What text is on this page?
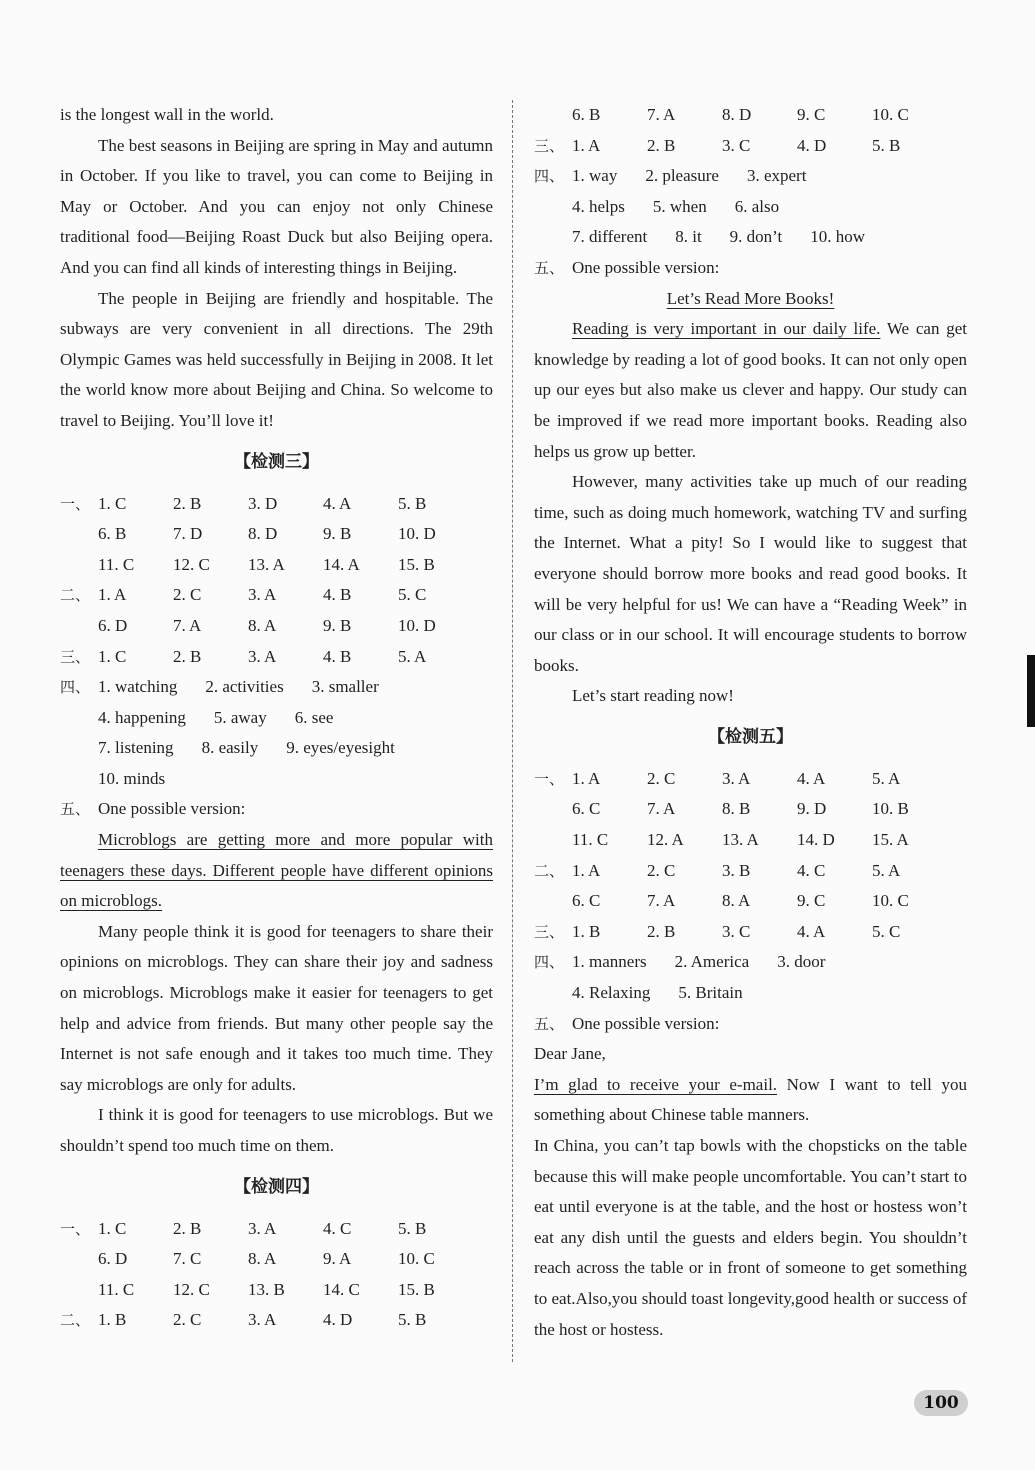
is the longest wall in the world.

The best seasons in Beijing are spring in May and autumn in October. If you like to travel, you can come to Beijing in May or October. And you can enjoy not only Chinese traditional food—Beijing Roast Duck but also Beijing opera. And you can find all kinds of interesting things in Beijing.

The people in Beijing are friendly and hospitable. The subways are very convenient in all directions. The 29th Olympic Games was held successfully in Beijing in 2008. It let the world know more about Beijing and China. So welcome to travel to Beijing. You’ll love it!

【检测三】
一、 1. C	2. B	3. D	4. A	5. B
6. B	7. D	8. D	9. B	10. D
11. C	12. C	13. A	14. A	15. B
二、 1. A	2. C	3. A	4. B	5. C
6. D	7. A	8. A	9. B	10. D
三、 1. C	2. B	3. A	4. B	5. A
四、 1. watching 2. activities 3. smaller
4. happening 5. away 6. see
7. listening 8. easily 9. eyes/eyesight
10. minds
五、 One possible version:

Microblogs are getting more and more popular with teenagers these days. Different people have different opinions on microblogs.

Many people think it is good for teenagers to share their opinions on microblogs. They can share their joy and sadness on microblogs. Microblogs make it easier for teenagers to get help and advice from friends. But many other people say the Internet is not safe enough and it takes too much time. They say microblogs are only for adults.

I think it is good for teenagers to use microblogs. But we shouldn’t spend too much time on them.

【检测四】
一、 1. C	2. B	3. A	4. C	5. B
6. D	7. C	8. A	9. A	10. C
11. C	12. C	13. B	14. C	15. B
二、 1. B	2. C	3. A	4. D	5. B
6. B	7. A	8. D	9. C	10. C
三、 1. A	2. B	3. C	4. D	5. B
四、 1. way 2. pleasure 3. expert
4. helps 5. when 6. also
7. different 8. it 9. don’t 10. how
五、 One possible version:

Let’s Read More Books!

Reading is very important in our daily life. We can get knowledge by reading a lot of good books. It can not only open up our eyes but also make us clever and happy. Our study can be improved if we read more important books. Reading also helps us grow up better.

However, many activities take up much of our reading time, such as doing much homework, watching TV and surfing the Internet. What a pity! So I would like to suggest that everyone should borrow more books and read good books. It will be very helpful for us! We can have a “Reading Week” in our class or in our school. It will encourage students to borrow books.

Let’s start reading now!

【检测五】
一、 1. A	2. C	3. A	4. A	5. A
6. C	7. A	8. B	9. D	10. B
11. C	12. A	13. A	14. D	15. A
二、 1. A	2. C	3. B	4. C	5. A
6. C	7. A	8. A	9. C	10. C
三、 1. B	2. B	3. C	4. A	5. C
四、 1. manners 2. America 3. door
4. Relaxing 5. Britain
五、 One possible version:

Dear Jane,

I’m glad to receive your e-mail. Now I want to tell you something about Chinese table manners.

In China, you can’t tap bowls with the chopsticks on the table because this will make people uncomfortable. You can’t start to eat until everyone is at the table, and the host or hostess won’t eat any dish until the guests and elders begin. You shouldn’t reach across the table or in front of someone to get something to eat.Also,you should toast longevity,good health or success of the host or hostess.

100
